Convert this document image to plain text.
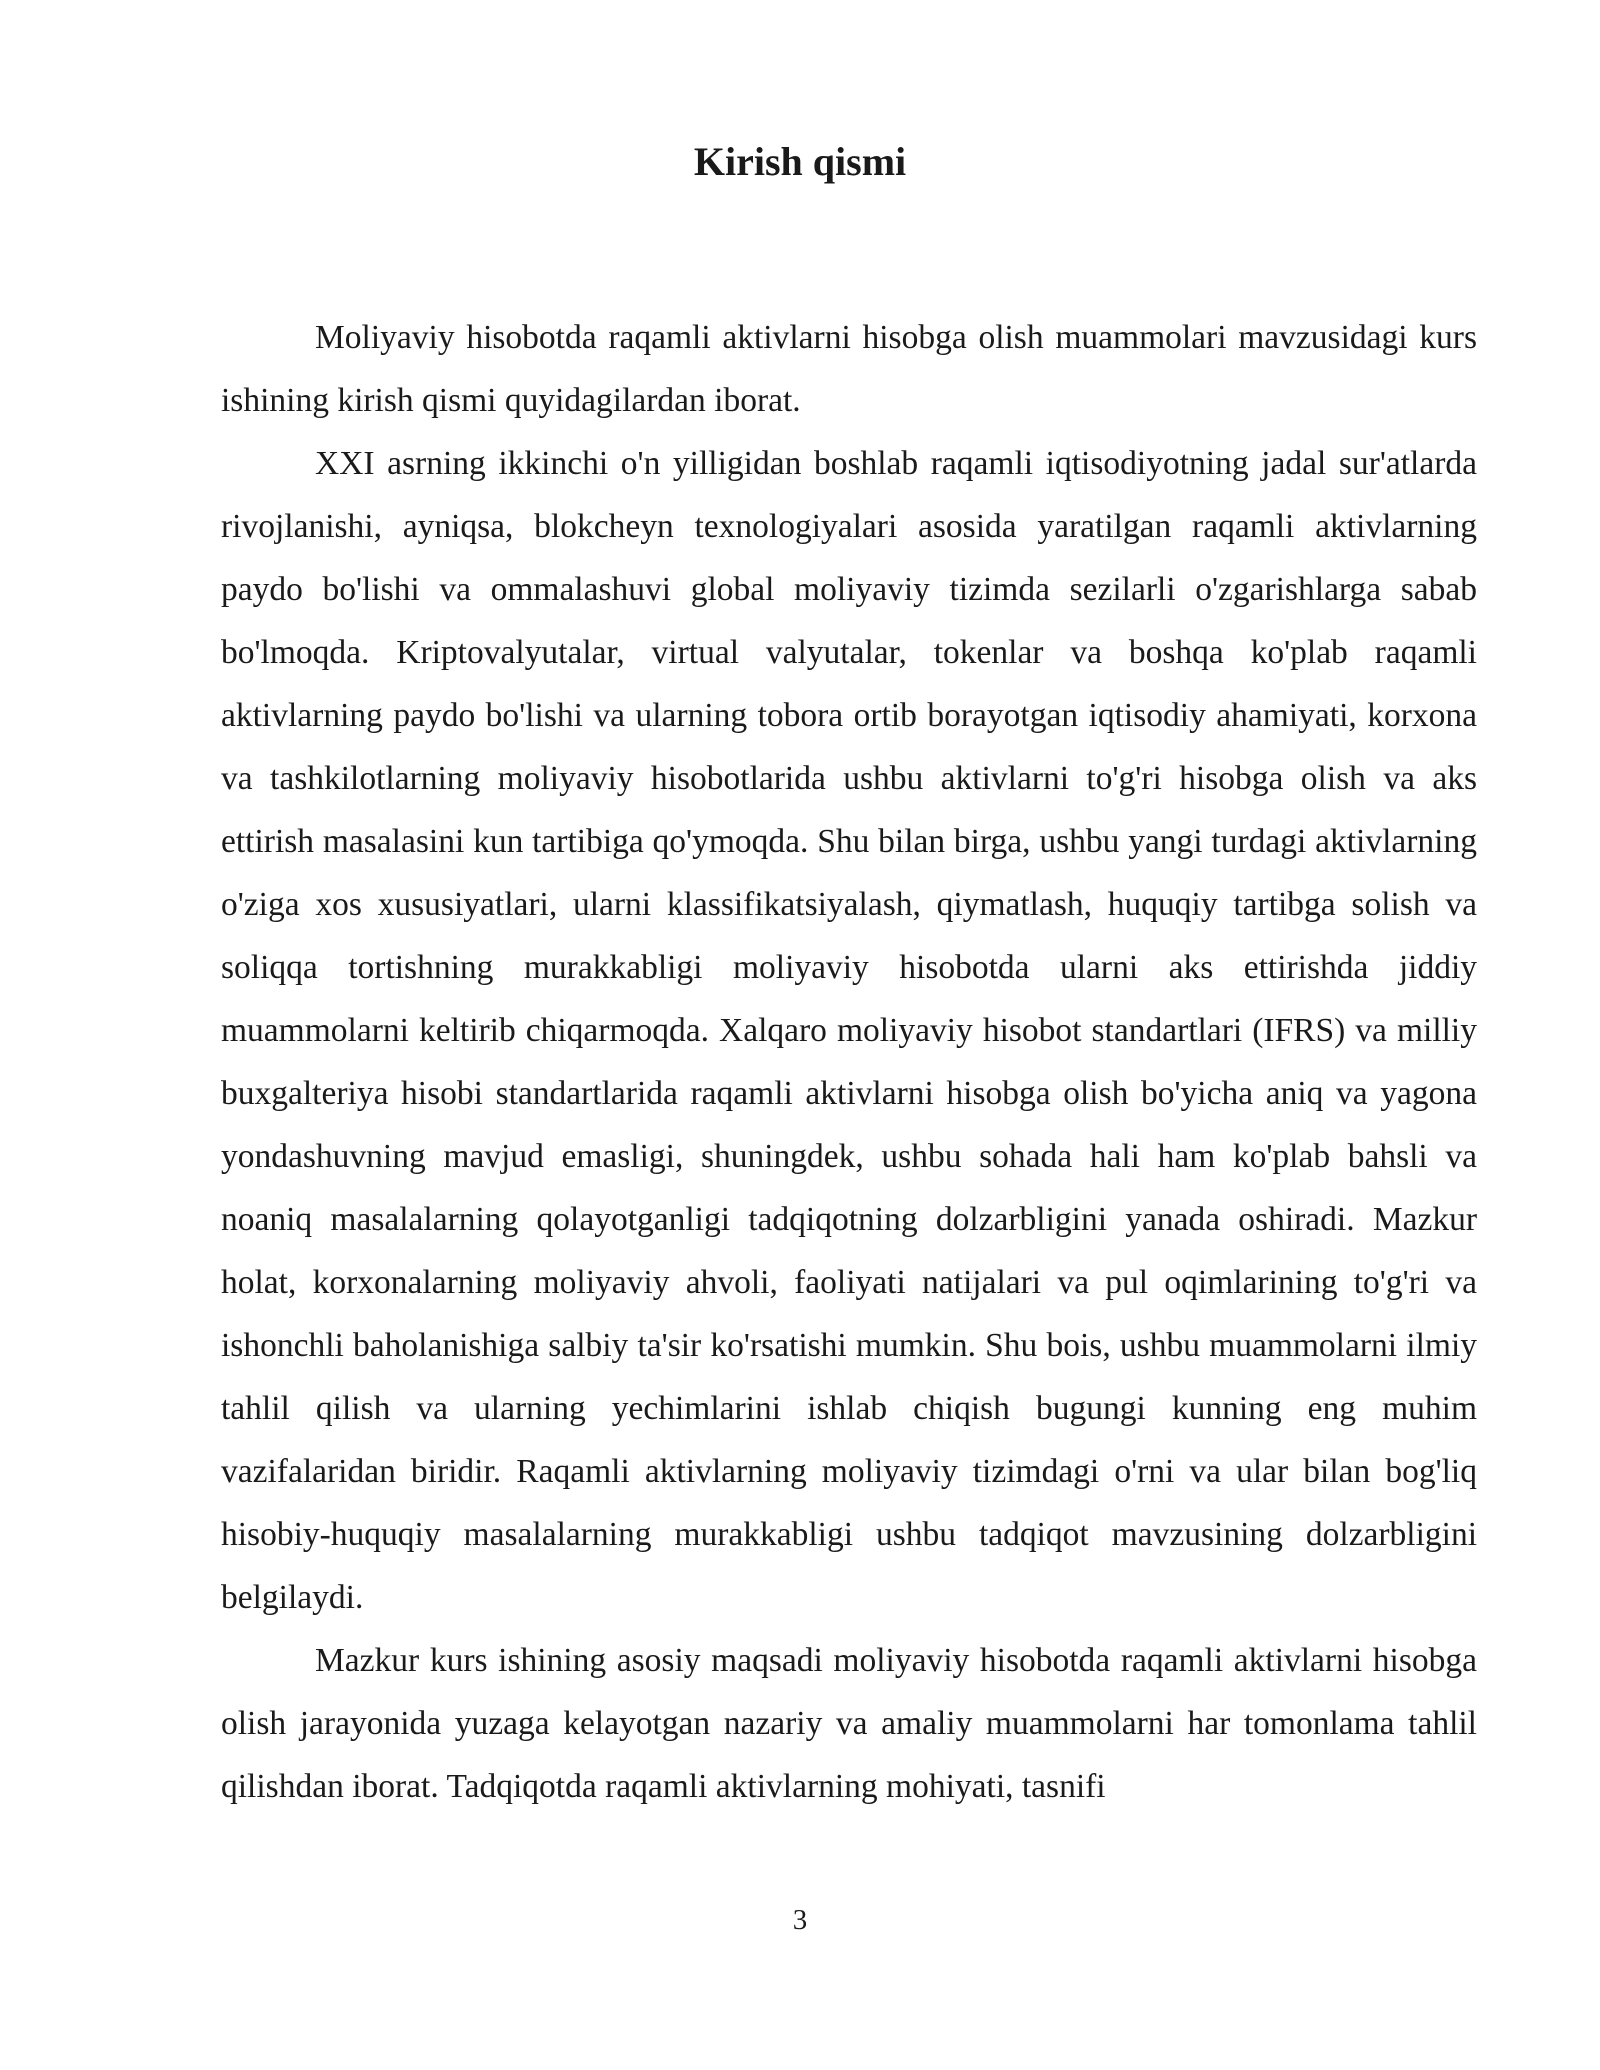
Kirish qismi

Moliyaviy hisobotda raqamli aktivlarni hisobga olish muammolari mavzusidagi kurs ishining kirish qismi quyidagilardan iborat.

XXI asrning ikkinchi o'n yilligidan boshlab raqamli iqtisodiyotning jadal sur'atlarda rivojlanishi, ayniqsa, blokcheyn texnologiyalari asosida yaratilgan raqamli aktivlarning paydo bo'lishi va ommalashuvi global moliyaviy tizimda sezilarli o'zgarishlarga sabab bo'lmoqda. Kriptovalyutalar, virtual valyutalar, tokenlar va boshqa ko'plab raqamli aktivlarning paydo bo'lishi va ularning tobora ortib borayotgan iqtisodiy ahamiyati, korxona va tashkilotlarning moliyaviy hisobotlarida ushbu aktivlarni to'g'ri hisobga olish va aks ettirish masalasini kun tartibiga qo'ymoqda. Shu bilan birga, ushbu yangi turdagi aktivlarning o'ziga xos xususiyatlari, ularni klassifikatsiyalash, qiymatlash, huquqiy tartibga solish va soliqqa tortishning murakkabligi moliyaviy hisobotda ularni aks ettirishda jiddiy muammolarni keltirib chiqarmoqda. Xalqaro moliyaviy hisobot standartlari (IFRS) va milliy buxgalteriya hisobi standartlarida raqamli aktivlarni hisobga olish bo'yicha aniq va yagona yondashuvning mavjud emasligi, shuningdek, ushbu sohada hali ham ko'plab bahsli va noaniq masalalarning qolayotganligi tadqiqotning dolzarbligini yanada oshiradi. Mazkur holat, korxonalarning moliyaviy ahvoli, faoliyati natijalari va pul oqimlarining to'g'ri va ishonchli baholanishiga salbiy ta'sir ko'rsatishi mumkin. Shu bois, ushbu muammolarni ilmiy tahlil qilish va ularning yechimlarini ishlab chiqish bugungi kunning eng muhim vazifalaridan biridir. Raqamli aktivlarning moliyaviy tizimdagi o'rni va ular bilan bog'liq hisobiy-huquqiy masalalarning murakkabligi ushbu tadqiqot mavzusining dolzarbligini belgilaydi.

Mazkur kurs ishining asosiy maqsadi moliyaviy hisobotda raqamli aktivlarni hisobga olish jarayonida yuzaga kelayotgan nazariy va amaliy muammolarni har tomonlama tahlil qilishdan iborat. Tadqiqotda raqamli aktivlarning mohiyati, tasnifi

3
